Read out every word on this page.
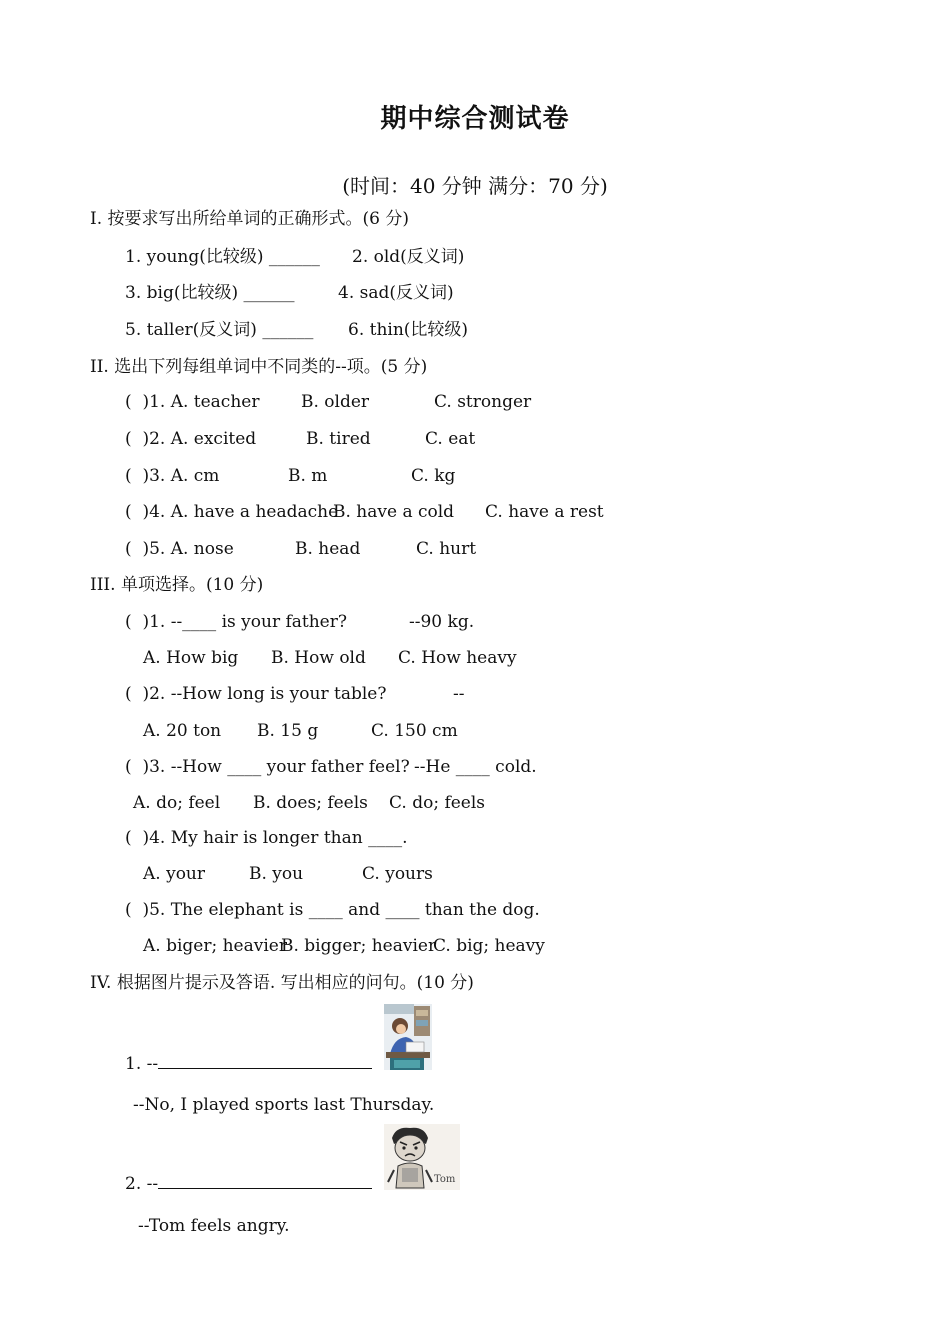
期中综合测试卷
(时间：40 分钟 满分：70 分)
I. 按要求写出所给单词的正确形式。(6 分)
1. young(比较级) ______ 2. old(反义词)
3. big(比较级) ______	4. sad(反义词)
5. taller(反义词) ______ 6. thin(比较级)
II. 选出下列每组单词中不同类的--项。(5 分)
(  )1. A. teacher B. older	C. stronger
(  )2. A. excited	B. tired	C. eat
(  )3. A. cm	B. m	C. kg
(  )4. A. have a headache
B. have a cold C. have a rest
(  )5. A. nose	B. head	C. hurt
III. 单项选择。(10 分)
(  )1. --____ is your father?	--90 kg.
A. How big B. How old C. How heavy
(  )2. --How long is your table?	--
A. 20 ton B. 15 g	C. 150 cm
(  )3. --How ____ your father feel? --He ____ cold.
A. do; feel B. does; feels C. do; feels
(  )4. My hair is longer than ____.
A. your	B. you	C. yours
(  )5. The elephant is ____ and ____ than the dog.
A. biger; heavier
B. bigger; heavier
C. big; heavy
IV. 根据图片提示及答语. 写出相应的问句。(10 分)
1. --
--No, I played sports last Thursday.
Tom
2. --
--Tom feels angry.
